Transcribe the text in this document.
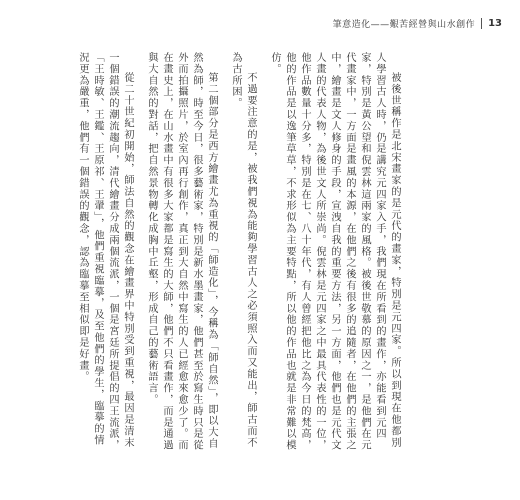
筆意造化——艱苦經營與山水創作 13

被後世稱作是北宋畫家的是元代的畫家，特別是元四家。所以到現在他都別人學習古人時，仍是講究元四家入手，我們現在所看到的畫作，亦能看到元四家，特別是黃公望和倪雲林這兩家的風格。被後世敬慕的原因之一，是他們在元代畫家中，一方面是畫風的本源，在他們之後有很多的追隨者，在他們的主張之中，繪畫是文人修身的手段，宣洩自我的重要方法，另一方面，他們也是元代文人畫的代表人物，為後世文人所崇尚。倪雲林是元四家之中最具代表性的一位，他作品數量十分多，特別是在七、八十年代，有人曾經把他比之為今日的梵高，他的作品是以逸筆草草，不求形似為主要特點，所以他的作品也就是非常難以模仿。

不過要注意的是，被我們視為能夠學習古人之必須照入而又能出，師古而不為古所困。

第二個部分是西方繪畫尤為重視的「師造化」，今稱為「師自然」，即以大自然為師，時至今日，很多藝術家，特別是新水墨畫家，他們甚至於寫生時只是從外而拍攝照片，於室內再行創作，真正到大自然中寫生的人已經愈來愈少了。而在畫史上，在山水畫中有很多大家都是寫生的大師，他們不只看畫作，而是通過與大自然的對話，把自然景物轉化成胸中丘壑，形成自己的藝術語言。

從二十世紀初開始，師法自然的觀念在繪畫界中特別受到重視，最因是清末一個錯誤的潮流趨向，清代繪畫分成兩個流派，一個是宮廷所提倡的四王流派，「王時敏、王鑑、王原祁、王翬」，他們重視臨摹，及至他們的學生，臨摹的情況更為嚴重，他們有一個錯誤的觀念，認為臨摹至相似即是好畫。
